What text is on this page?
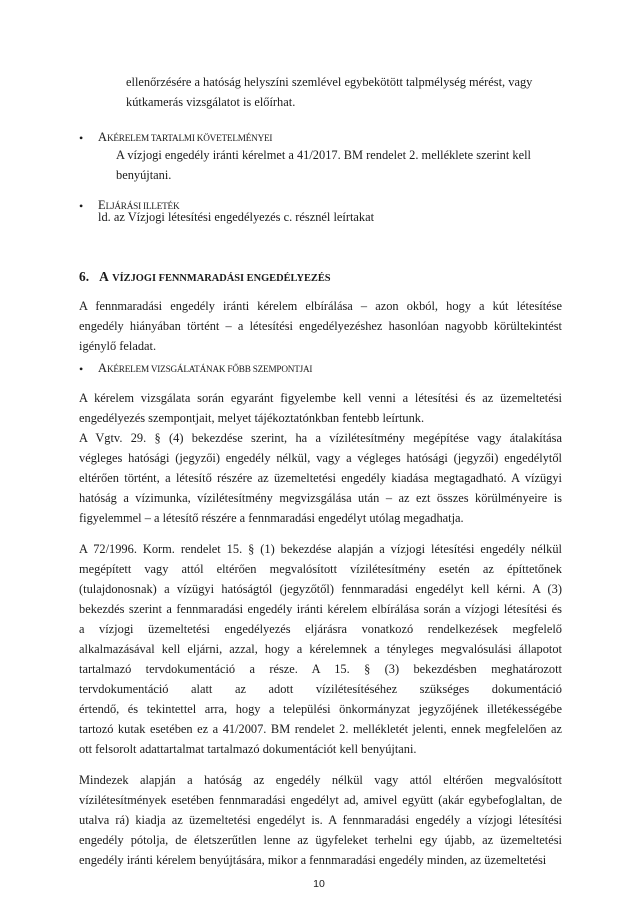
ellenőrzésére a hatóság helyszíni szemlével egybekötött talpmélység mérést, vagy
kútkamerás vizsgálatot is előírhat.
• AKÉRELEM TARTALMI KÖVETELMÉNYEI
A vízjogi engedély iránti kérelmet a 41/2017. BM rendelet 2. melléklete szerint kell
benyújtani.
• ELJÁRÁSI ILLETÉK
ld. az Vízjogi létesítési engedélyezés c. résznél leírtakat
6. A VÍZJOGI FENNMARADÁSI ENGEDÉLYEZÉS
A fennmaradási engedély iránti kérelem elbírálása – azon okból, hogy a kút létesítése
engedély hiányában történt – a létesítési engedélyezéshez hasonlóan nagyobb körültekintést
igénylő feladat.
• AKÉRELEM VIZSGÁLATÁNAK FŐBB SZEMPONTJAI
A kérelem vizsgálata során egyaránt figyelembe kell venni a létesítési és az üzemeltetési
engedélyezés szempontjait, melyet tájékoztatónkban fentebb leírtunk.
A Vgtv. 29. § (4) bekezdése szerint, ha a vízilétesítmény megépítése vagy átalakítása
végleges hatósági (jegyzői) engedély nélkül, vagy a végleges hatósági (jegyzői) engedélytől
eltérően történt, a létesítő részére az üzemeltetési engedély kiadása megtagadható. A vízügyi
hatóság a vízimunka, vízilétesítmény megvizsgálása után – az ezt összes körülményeire is
figyelemmel – a létesítő részére a fennmaradási engedélyt utólag megadhatja.
A 72/1996. Korm. rendelet 15. § (1) bekezdése alapján a vízjogi létesítési engedély nélkül
megépített vagy attól eltérően megvalósított vízilétesítmény esetén az építtetőnek
(tulajdonosnak) a vízügyi hatóságtól (jegyzőtől) fennmaradási engedélyt kell kérni. A (3)
bekezdés szerint a fennmaradási engedély iránti kérelem elbírálása során a vízjogi létesítési és
a vízjogi üzemeltetési engedélyezés eljárásra vonatkozó rendelkezések megfelelő
alkalmazásával kell eljárni, azzal, hogy a kérelemnek a tényleges megvalósulási állapotot
tartalmazó tervdokumentáció a része. A 15. § (3) bekezdésben meghatározott
tervdokumentáció alatt az adott vízilétesítéséhez szükséges dokumentáció
értendő, és tekintettel arra, hogy a települési önkormányzat jegyzőjének illetékességébe
tartozó kutak esetében ez a 41/2007. BM rendelet 2. mellékletét jelenti, ennek megfelelően az
ott felsorolt adattartalmat tartalmazó dokumentációt kell benyújtani.
Mindezek alapján a hatóság az engedély nélkül vagy attól eltérően megvalósított
vízilétesítmények esetében fennmaradási engedélyt ad, amivel együtt (akár egybefoglaltan, de
utalva rá) kiadja az üzemeltetési engedélyt is. A fennmaradási engedély a vízjogi létesítési
engedély pótolja, de életszerűtlen lenne az ügyfeleket terhelni egy újabb, az üzemeltetési
engedély iránti kérelem benyújtására, mikor a fennmaradási engedély minden, az üzemeltetési
10
